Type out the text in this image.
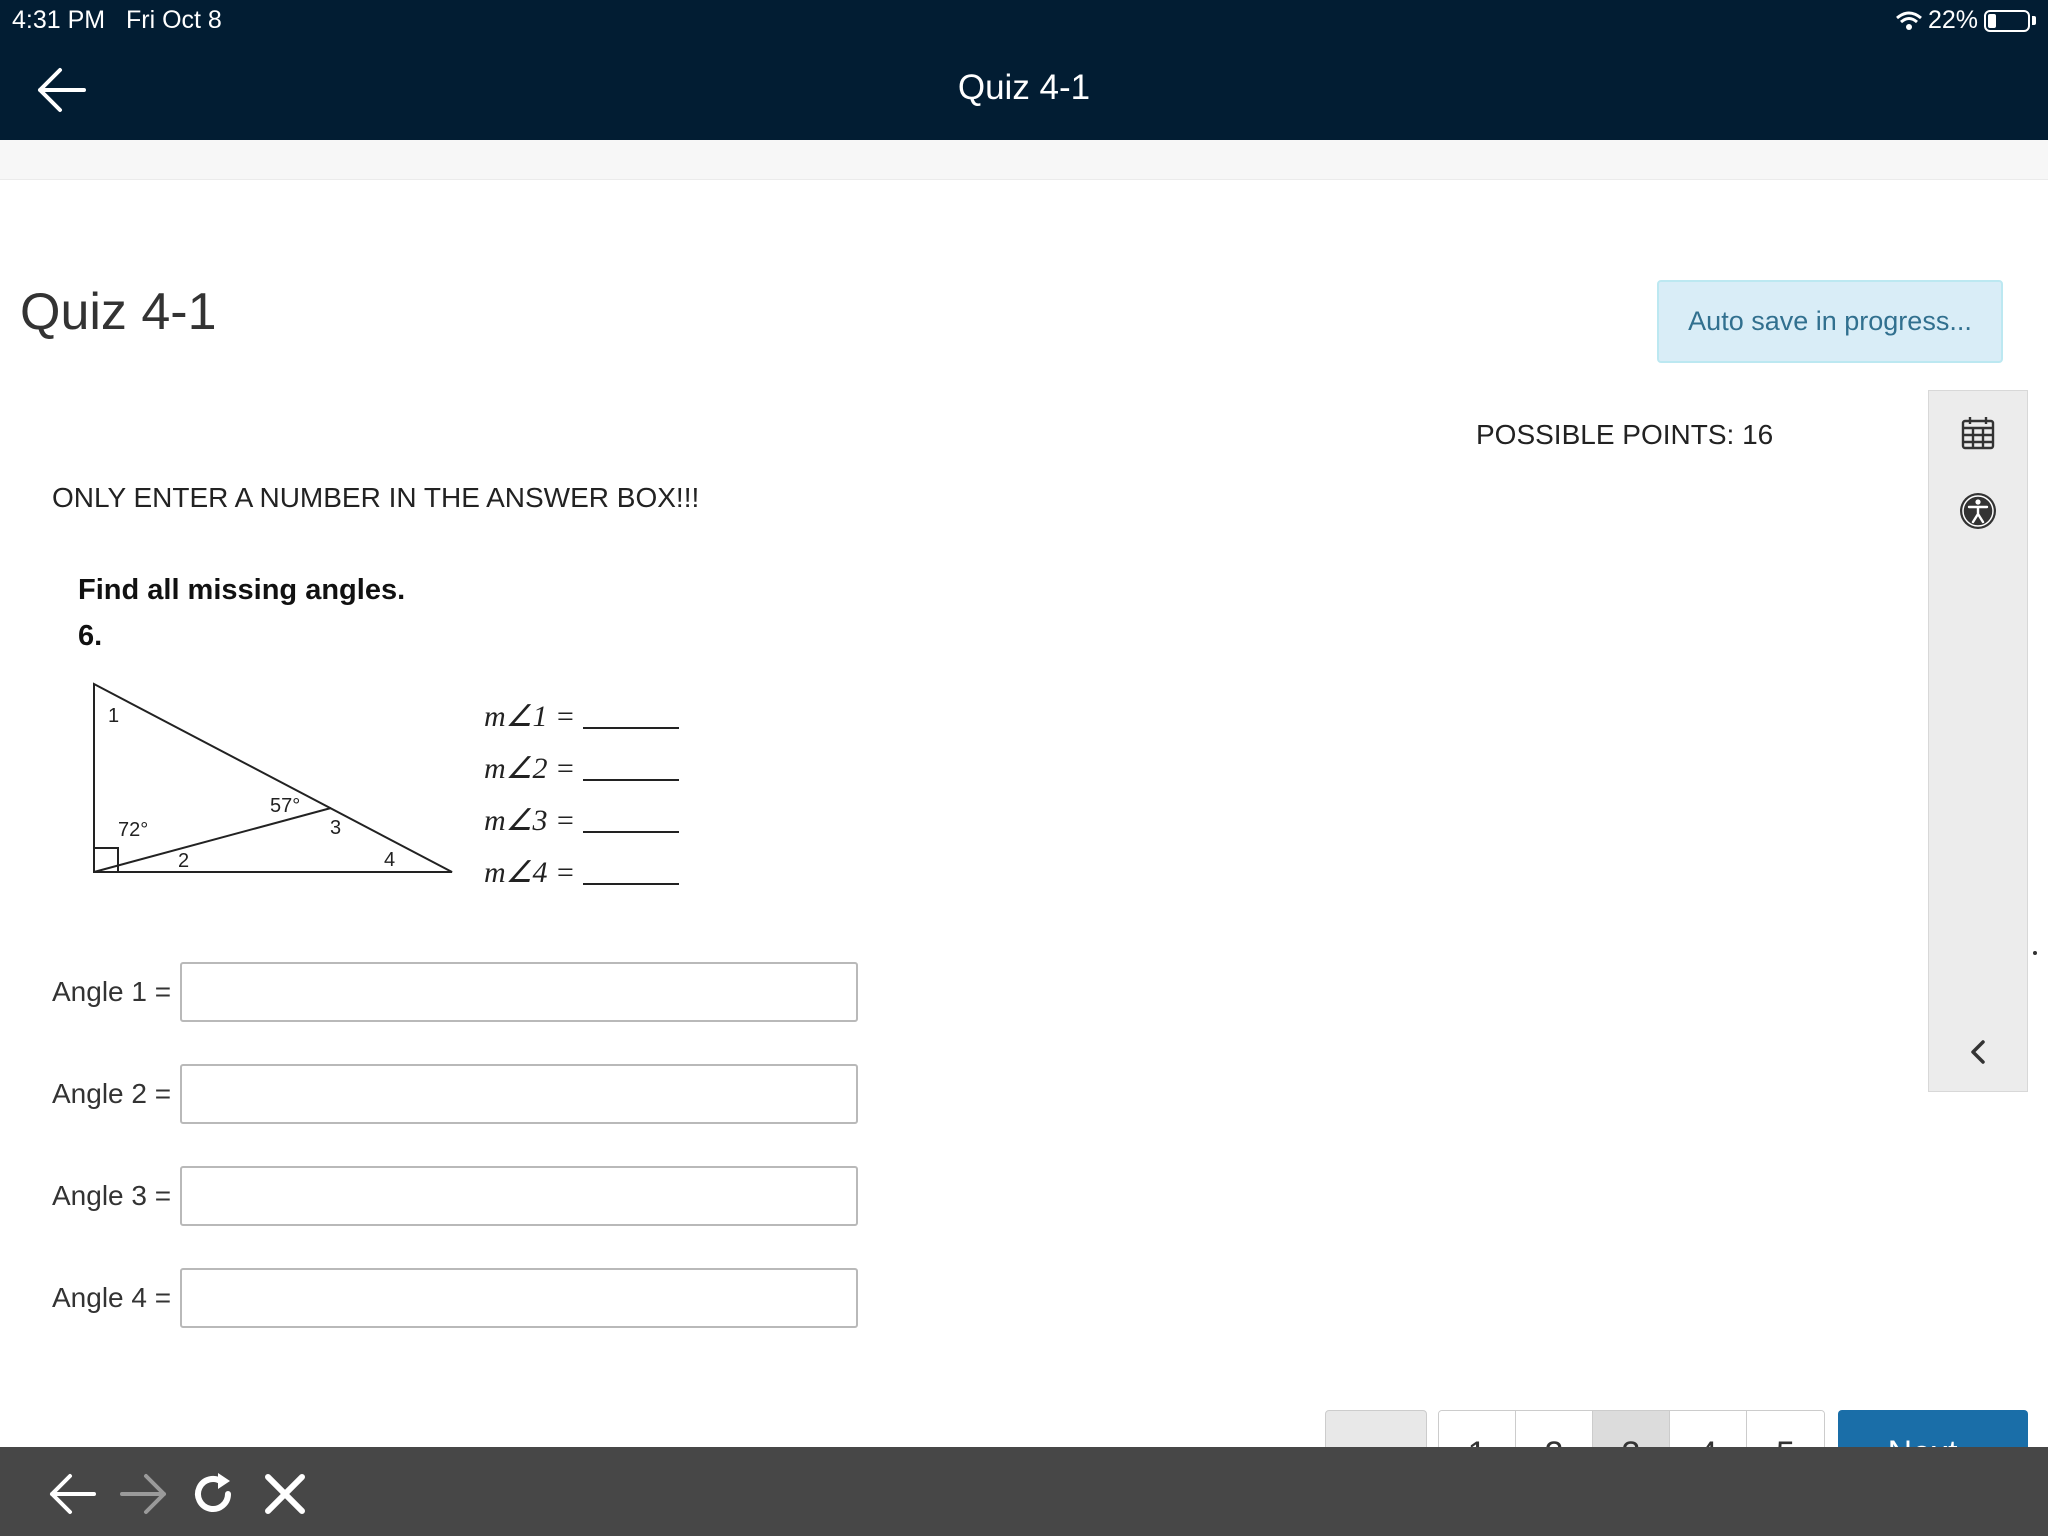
4:31 PM Fri Oct 8	22%
Quiz 4-1
Quiz 4-1	Auto save in progress...
POSSIBLE POINTS: 16
ONLY ENTER A NUMBER IN THE ANSWER BOX!!!
Find all missing angles.
6.
1
72°
57°
3
2	4
m∠1 =
m∠2 =
m∠3 =
m∠4 =
Angle 1 =
Angle 2 =
Angle 3 =
Angle 4 =
